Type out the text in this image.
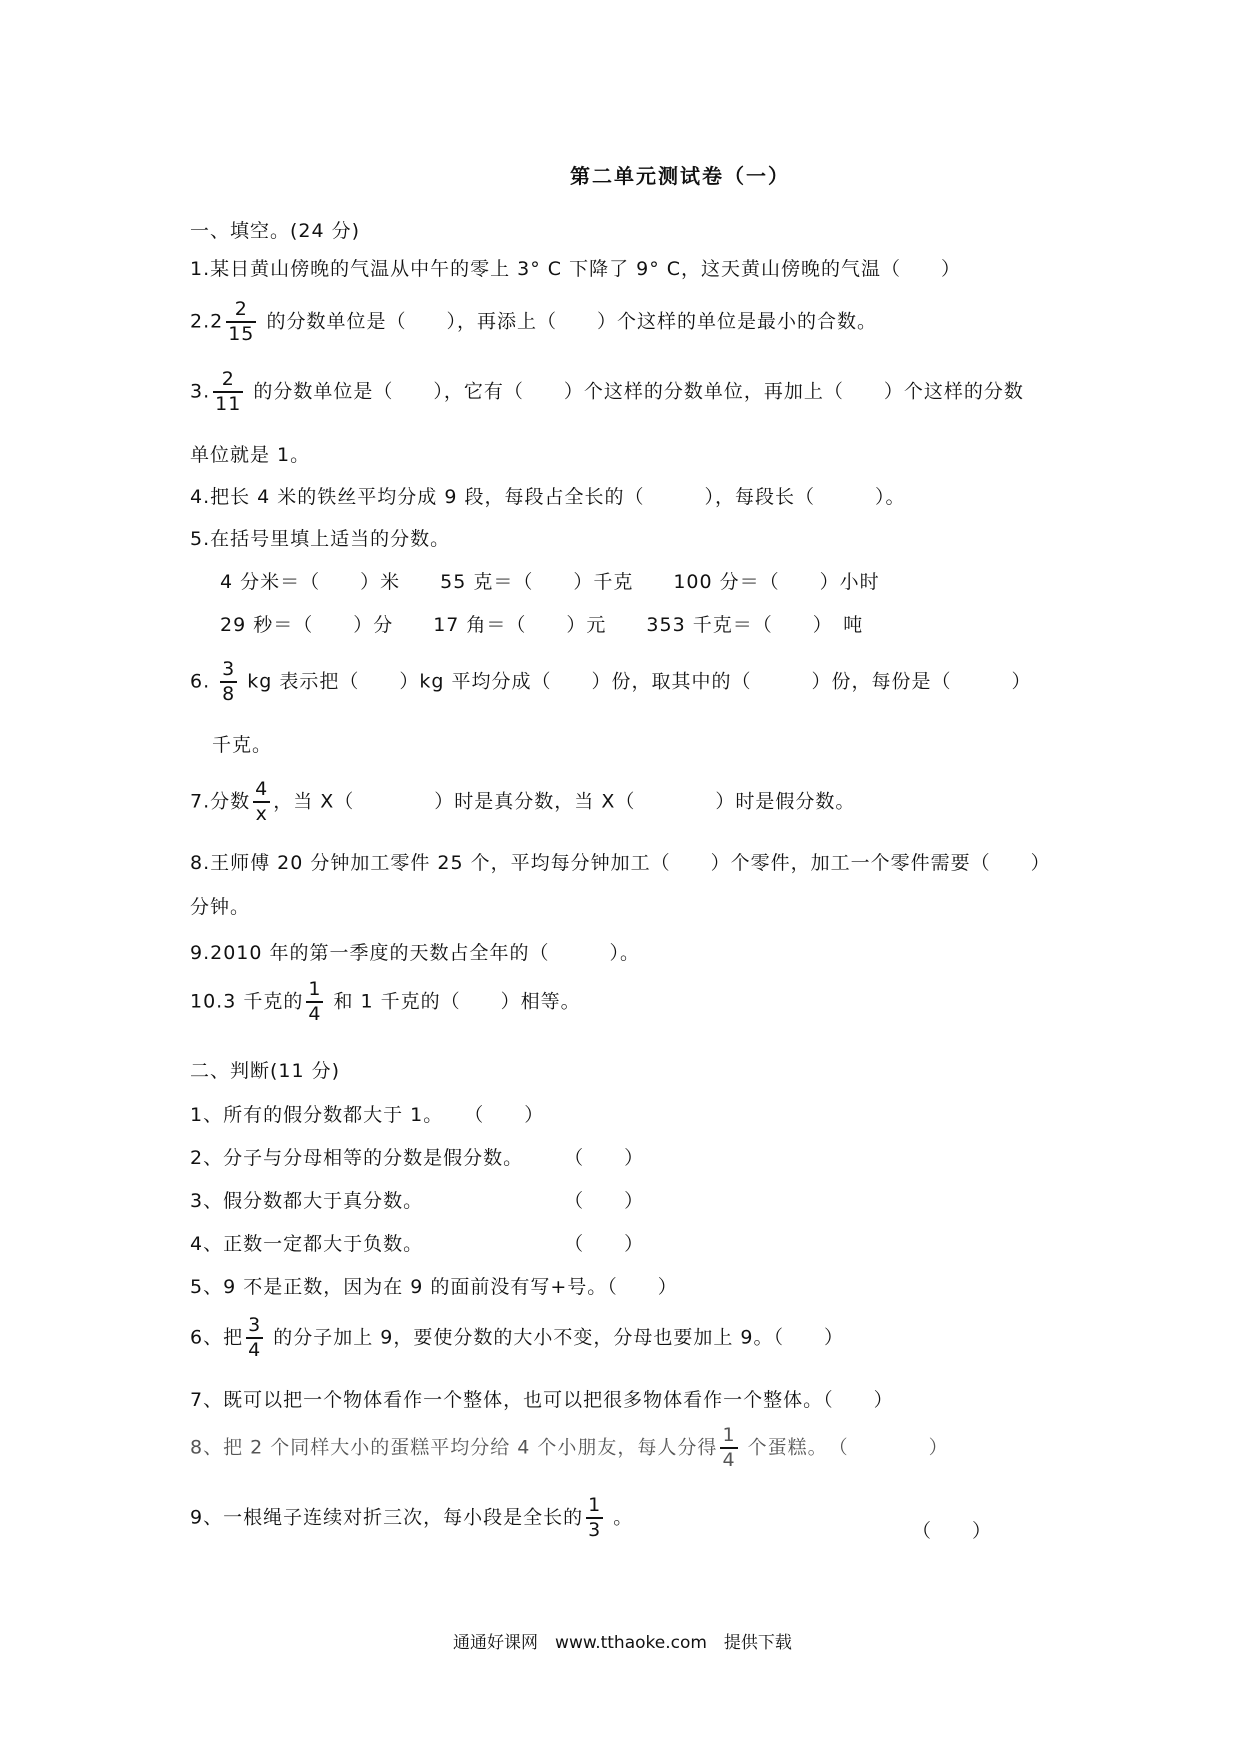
第二单元测试卷（一）
一、填空。(24 分)
1.某日黄山傍晚的气温从中午的零上 3° C 下降了 9° C，这天黄山傍晚的气温（　　）
$2.2 \frac{2}{15}$ 的分数单位是（　　），再添上（　　）个这样的单位是最小的合数。
3. $\frac{2}{11}$ 的分数单位是（　　），它有（　　）个这样的分数单位，再加上（　　）个这样的分数
单位就是 1。
4.把长 4 米的铁丝平均分成 9 段，每段占全长的（　　　），每段长（　　　）。
5.在括号里填上适当的分数。
4 分米＝（　　）米　　55 克＝（　　）千克　　100 分＝（　　）小时
29 秒＝（　　）分　　17 角＝（　　）元　　353 千克＝（　　）　吨
6. $\frac{3}{8}$ kg 表示把（　　）kg 平均分成（　　）份，取其中的（　　　）份，每份是（　　　）
千克。
7.分数 $\frac{4}{x}$ ，当 X（　　　　）时是真分数，当 X（　　　　）时是假分数。
8.王师傅 20 分钟加工零件 25 个，平均每分钟加工（　　）个零件，加工一个零件需要（　　）
分钟。
9.2010 年的第一季度的天数占全年的（　　　）。
10.3 千克的 $\frac{1}{4}$ 和 1 千克的（　　）相等。
二、判断(11 分)
1、所有的假分数都大于 1。　　（　　）
2、分子与分母相等的分数是假分数。　　　（　　）
3、假分数都大于真分数。　　　　　　　　（　　）
4、正数一定都大于负数。　　　　　　　　（　　）
5、9 不是正数，因为在 9 的面前没有写+号。（　　）
6、把 $\frac{3}{4}$ 的分子加上 9，要使分数的大小不变，分母也要加上 9。（　　）
7、既可以把一个物体看作一个整体，也可以把很多物体看作一个整体。（　　）
8、把 2 个同样大小的蛋糕平均分给 4 个小朋友，每人分得 $\frac{1}{4}$ 个蛋糕。　（　　　　）
9、一根绳子连续对折三次，每小段是全长的 $\frac{1}{3}$ 。
（　　）
通通好课网　www.tthaoke.com　提供下载
